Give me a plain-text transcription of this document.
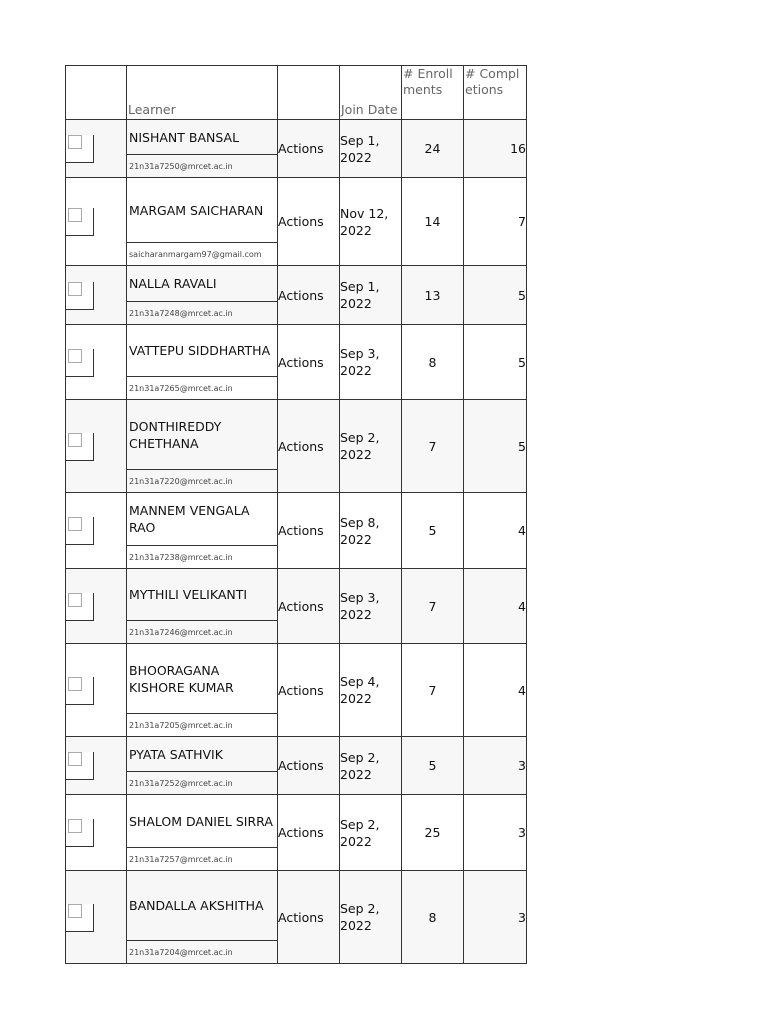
	Learner		Join Date	# Enrollments	# Completions

NISHANT BANSAL
21n31a7250@mrcet.ac.in	Actions	Sep 1, 2022	24	16

MARGAM SAICHARAN
saicharanmargam97@gmail.com	Actions	Nov 12, 2022	14	7

NALLA RAVALI
21n31a7248@mrcet.ac.in	Actions	Sep 1, 2022	13	5

VATTEPU SIDDHARTHA
21n31a7265@mrcet.ac.in	Actions	Sep 3, 2022	8	5

DONTHIREDDY CHETHANA
21n31a7220@mrcet.ac.in	Actions	Sep 2, 2022	7	5

MANNEM VENGALA RAO
21n31a7238@mrcet.ac.in	Actions	Sep 8, 2022	5	4

MYTHILI VELIKANTI
21n31a7246@mrcet.ac.in	Actions	Sep 3, 2022	7	4

BHOORAGANA KISHORE KUMAR
21n31a7205@mrcet.ac.in	Actions	Sep 4, 2022	7	4

PYATA SATHVIK
21n31a7252@mrcet.ac.in	Actions	Sep 2, 2022	5	3

SHALOM DANIEL SIRRA
21n31a7257@mrcet.ac.in	Actions	Sep 2, 2022	25	3

BANDALLA AKSHITHA
21n31a7204@mrcet.ac.in	Actions	Sep 2, 2022	8	3
